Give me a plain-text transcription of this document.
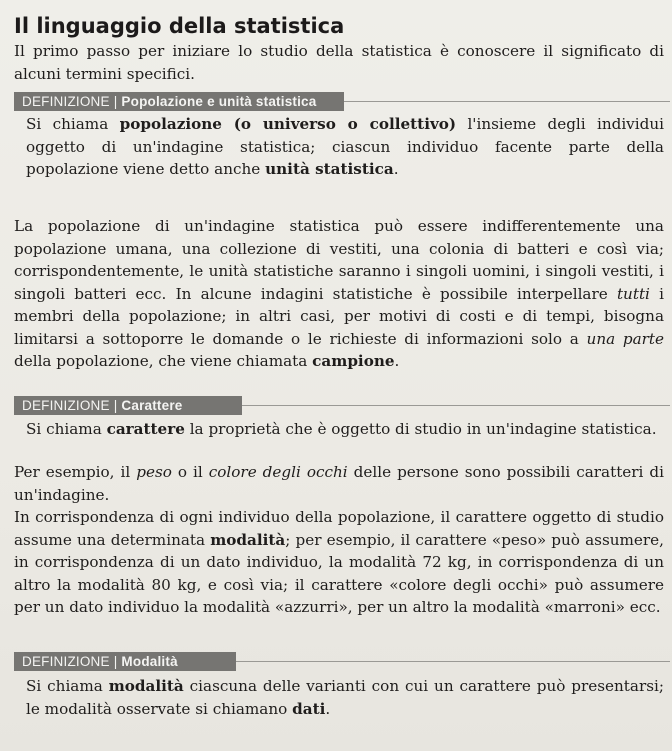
Il linguaggio della statistica

Il primo passo per iniziare lo studio della statistica è conoscere il significato di alcuni termini specifici.

DEFINIZIONE | Popolazione e unità statistica

Si chiama popolazione (o universo o collettivo) l'insieme degli individui oggetto di un'indagine statistica; ciascun individuo facente parte della popolazione viene detto anche unità statistica.

La popolazione di un'indagine statistica può essere indifferentemente una popolazione umana, una collezione di vestiti, una colonia di batteri e così via; corrispondentemente, le unità statistiche saranno i singoli uomini, i singoli vestiti, i singoli batteri ecc. In alcune indagini statistiche è possibile interpellare tutti i membri della popolazione; in altri casi, per motivi di costi e di tempi, bisogna limitarsi a sottoporre le domande o le richieste di informazioni solo a una parte della popolazione, che viene chiamata campione.

DEFINIZIONE | Carattere

Si chiama carattere la proprietà che è oggetto di studio in un'indagine statistica.

Per esempio, il peso o il colore degli occhi delle persone sono possibili caratteri di un'indagine.

In corrispondenza di ogni individuo della popolazione, il carattere oggetto di studio assume una determinata modalità; per esempio, il carattere «peso» può assumere, in corrispondenza di un dato individuo, la modalità 72 kg, in corrispondenza di un altro la modalità 80 kg, e così via; il carattere «colore degli occhi» può assumere per un dato individuo la modalità «azzurri», per un altro la modalità «marroni» ecc.

DEFINIZIONE | Modalità

Si chiama modalità ciascuna delle varianti con cui un carattere può presentarsi; le modalità osservate si chiamano dati.
